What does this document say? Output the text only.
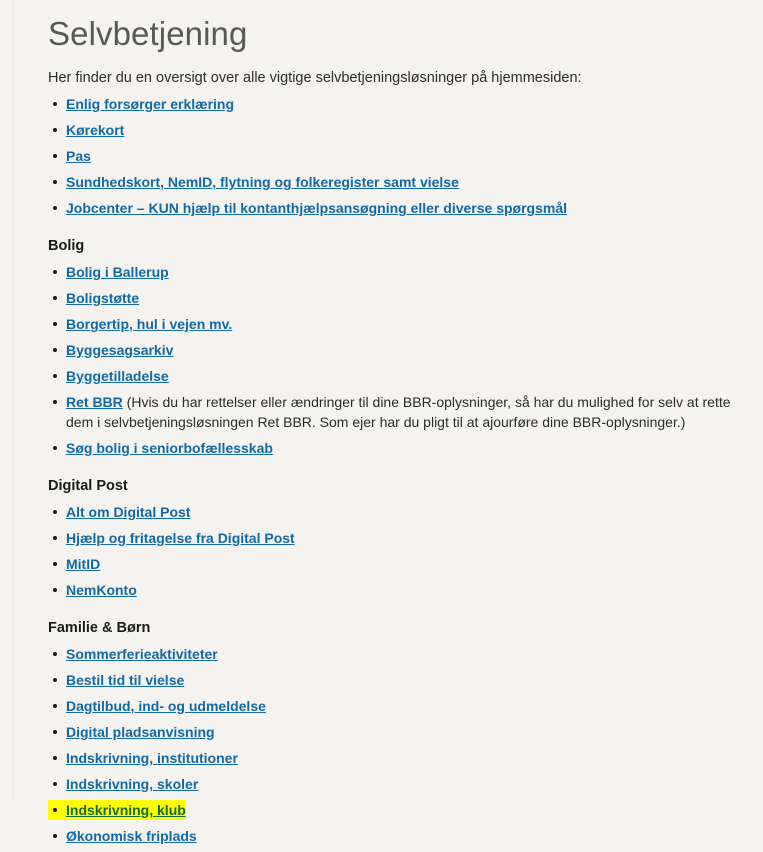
Selvbetjening

Her finder du en oversigt over alle vigtige selvbetjeningsløsninger på hjemmesiden:

Enlig forsørger erklæring
Kørekort
Pas
Sundhedskort, NemID, flytning og folkeregister samt vielse
Jobcenter – KUN hjælp til kontanthjælpsansøgning eller diverse spørgsmål
Bolig
Bolig i Ballerup
Boligstøtte
Borgertip, hul i vejen mv.
Byggesagsarkiv
Byggetilladelse
Ret BBR (Hvis du har rettelser eller ændringer til dine BBR-oplysninger, så har du mulighed for selv at rette dem i selvbetjeningsløsningen Ret BBR. Som ejer har du pligt til at ajourføre dine BBR-oplysninger.)
Søg bolig i seniorbofællesskab
Digital Post
Alt om Digital Post
Hjælp og fritagelse fra Digital Post
MitID
NemKonto
Familie & Børn
Sommerferieaktiviteter
Bestil tid til vielse
Dagtilbud, ind- og udmeldelse
Digital pladsanvisning
Indskrivning, institutioner
Indskrivning, skoler
Indskrivning, klub
Økonomisk friplads
